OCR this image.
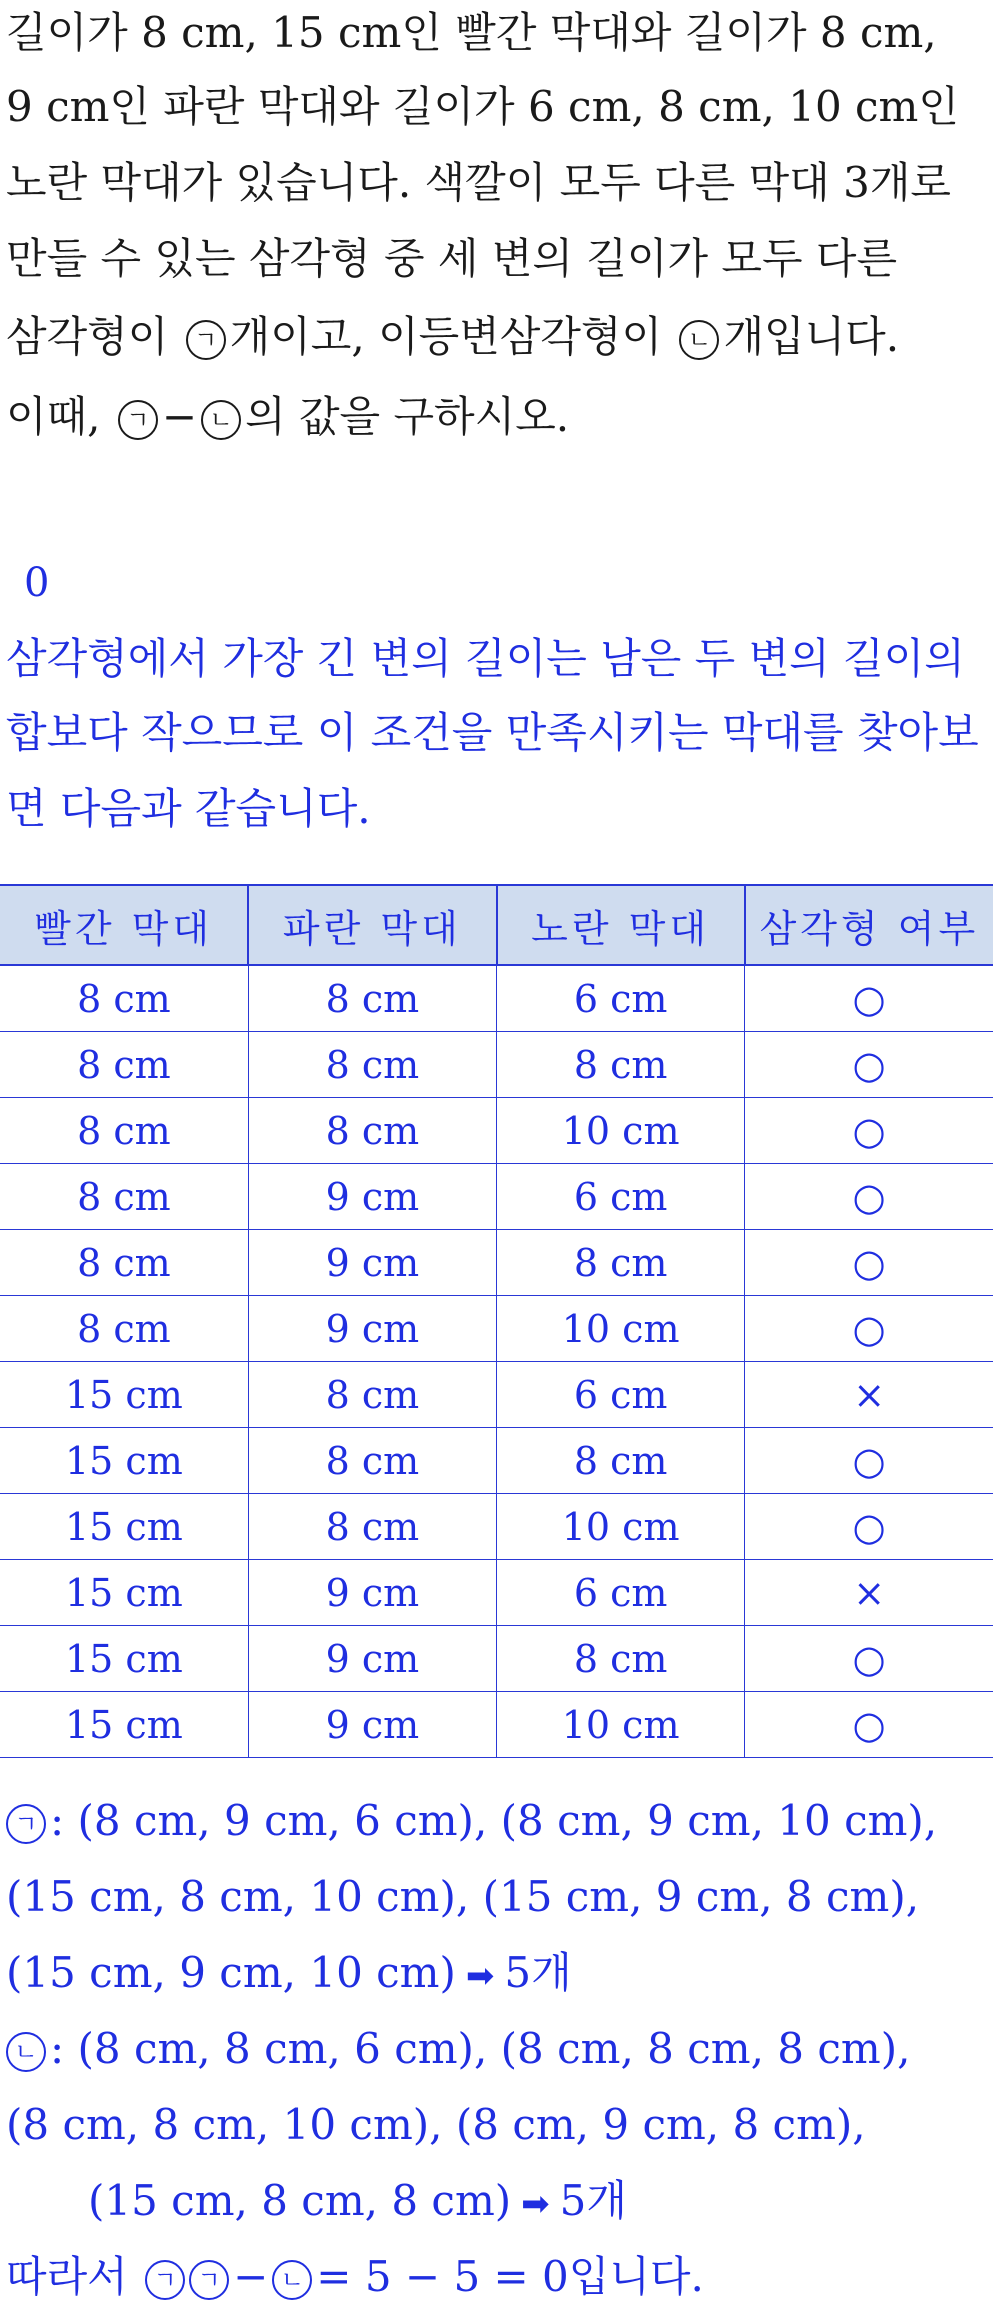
길이가 8 cm, 15 cm인 빨간 막대와 길이가 8 cm,
9 cm인 파란 막대와 길이가 6 cm, 8 cm, 10 cm인
노란 막대가 있습니다. 색깔이 모두 다른 막대 3개로
만들 수 있는 삼각형 중 세 변의 길이가 모두 다른
삼각형이 ㄱ 개이고, 이등변삼각형이 ㄴ 개입니다.
이때, ㄱ − ㄴ 의 값을 구하시오.
0
삼각형에서 가장 긴 변의 길이는 남은 두 변의 길이의
합보다 작으므로 이 조건을 만족시키는 막대를 찾아보
면 다음과 같습니다.
빨간 막대	파란 막대	노란 막대	삼각형 여부
8 cm	8 cm	6 cm	○
8 cm	8 cm	8 cm	○
8 cm	8 cm	10 cm	○
8 cm	9 cm	6 cm	○
8 cm	9 cm	8 cm	○
8 cm	9 cm	10 cm	○
15 cm	8 cm	6 cm	×
15 cm	8 cm	8 cm	○
15 cm	8 cm	10 cm	○
15 cm	9 cm	6 cm	×
15 cm	9 cm	8 cm	○
15 cm	9 cm	10 cm	○
ㄱ : (8 cm, 9 cm, 6 cm), (8 cm, 9 cm, 10 cm),
(15 cm, 8 cm, 10 cm), (15 cm, 9 cm, 8 cm),
(15 cm, 9 cm, 10 cm) ➡ 5개
ㄴ : (8 cm, 8 cm, 6 cm), (8 cm, 8 cm, 8 cm),
(8 cm, 8 cm, 10 cm), (8 cm, 9 cm, 8 cm),
(15 cm, 8 cm, 8 cm) ➡ 5개
따라서 ㄱ ㄱ − ㄴ = 5 − 5 = 0입니다.
